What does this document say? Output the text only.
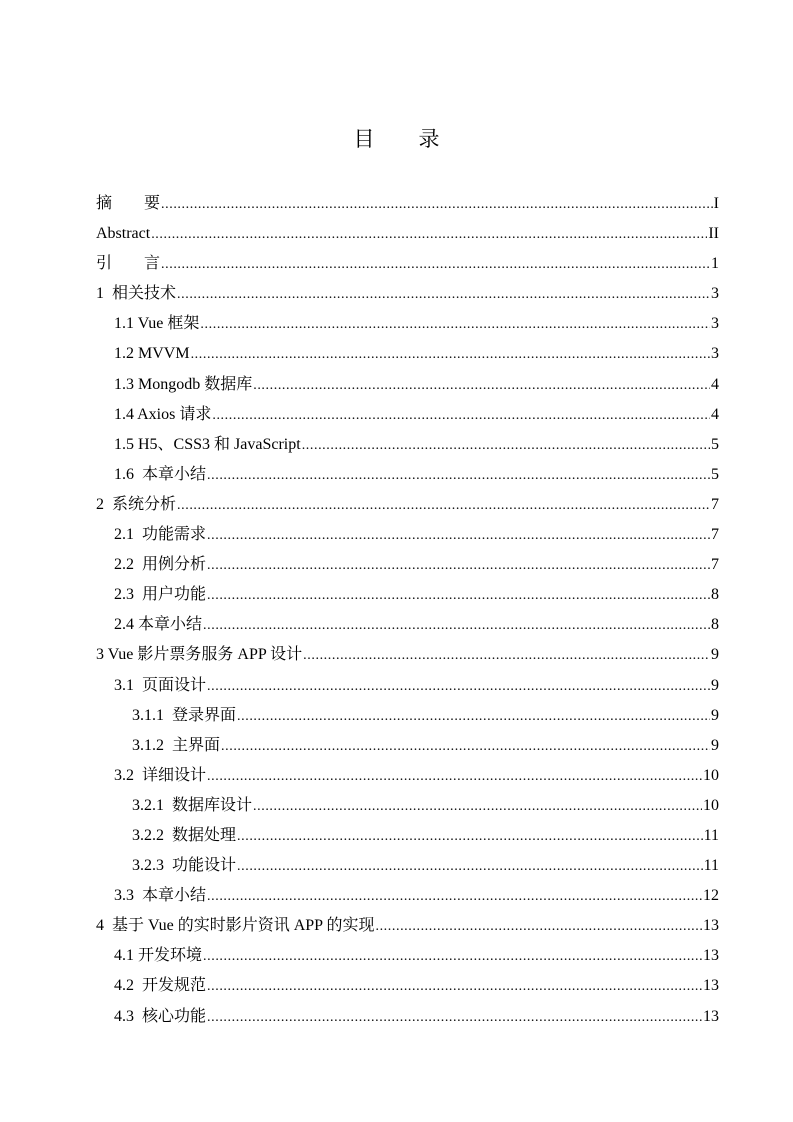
目 录
摘 要 .....	I
Abstract .....	II
引 言 .....	1
1  相关技术 .....	3
1.1 Vue 框架 .....	3
1.2 MVVM .....	3
1.3 Mongodb 数据库 .....	4
1.4 Axios 请求 .....	4
1.5 H5、CSS3 和 JavaScript .....	5
1.6  本章小结 .....	5
2  系统分析 .....	7
2.1  功能需求 .....	7
2.2  用例分析 .....	7
2.3  用户功能 .....	8
2.4 本章小结 .....	8
3 Vue 影片票务服务 APP 设计 .....	9
3.1  页面设计 .....	9
3.1.1  登录界面 .....	9
3.1.2  主界面 .....	9
3.2  详细设计 .....	10
3.2.1  数据库设计 .....	10
3.2.2  数据处理 .....	11
3.2.3  功能设计 .....	11
3.3  本章小结 .....	12
4  基于 Vue 的实时影片资讯 APP 的实现 .....	13
4.1 开发环境 .....	13
4.2  开发规范 .....	13
4.3  核心功能 .....	13
